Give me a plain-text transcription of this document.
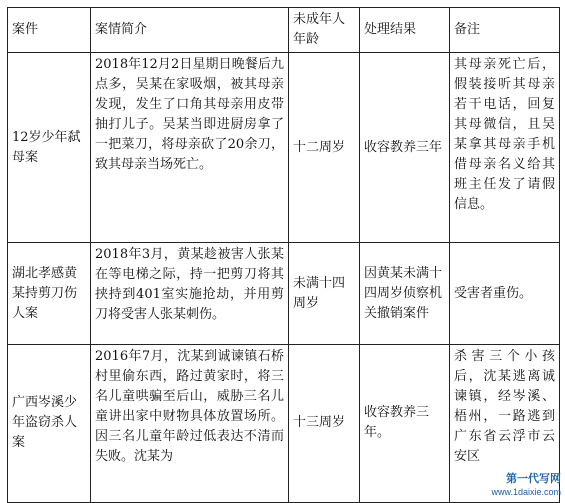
案件	案情简介	未成年人年龄	处理结果	备注
12岁少年弑母案	2018年12月2日星期日晚餐后九点多，吴某在家吸烟，被其母亲发现，发生了口角其母亲用皮带抽打儿子。吴某当即进厨房拿了一把菜刀，将母亲砍了20余刀，致其母亲当场死亡。	十二周岁	收容教养三年	其母亲死亡后，假装接听其母亲若干电话，回复其母微信，且吴某拿其母亲手机借母亲名义给其班主任发了请假信息。
湖北孝感黄某持剪刀伤人案	2018年3月，黄某趁被害人张某在等电梯之际，持一把剪刀将其挟持到401室实施抢劫，并用剪刀将受害人张某刺伤。	未满十四周岁	因黄某未满十四周岁侦察机关撤销案件	受害者重伤。
广西岑溪少年盗窃杀人案	2016年7月，沈某到诚谏镇石桥村里偷东西，路过黄家时，将三名儿童哄骗至后山，威胁三名儿童讲出家中财物具体放置场所。因三名儿童年龄过低表达不清而失败。沈某为	十三周岁	收容教养三年。	杀害三个小孩后，沈某逃离诚谏镇，经岑溪、梧州，一路逃到广东省云浮市云安区
第一代写网
www.1daixie.com
